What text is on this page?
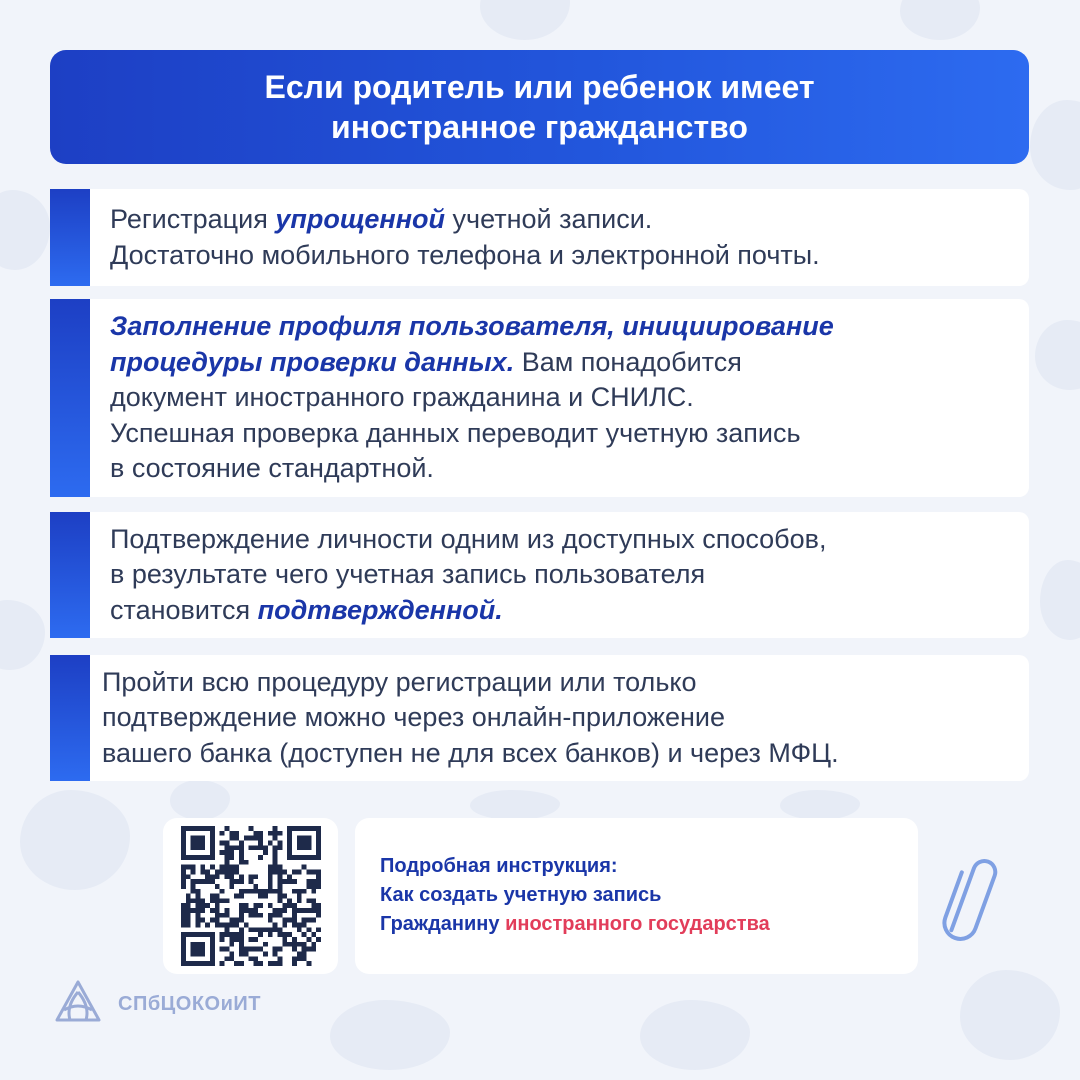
Если родитель или ребенок имеет
иностранное гражданство
Регистрация упрощенной учетной записи.
Достаточно мобильного телефона и электронной почты.
Заполнение профиля пользователя, инициирование
процедуры проверки данных. Вам понадобится
документ иностранного гражданина и СНИЛС.
Успешная проверка данных переводит учетную запись
в состояние стандартной.
Подтверждение личности одним из доступных способов,
в результате чего учетная запись пользователя
становится подтвержденной.
Пройти всю процедуру регистрации или только
подтверждение можно через онлайн-приложение
вашего банка (доступен не для всех банков) и через МФЦ.
Подробная инструкция:
Как создать учетную запись
Гражданину иностранного государства
СПбЦОКОиИТ
